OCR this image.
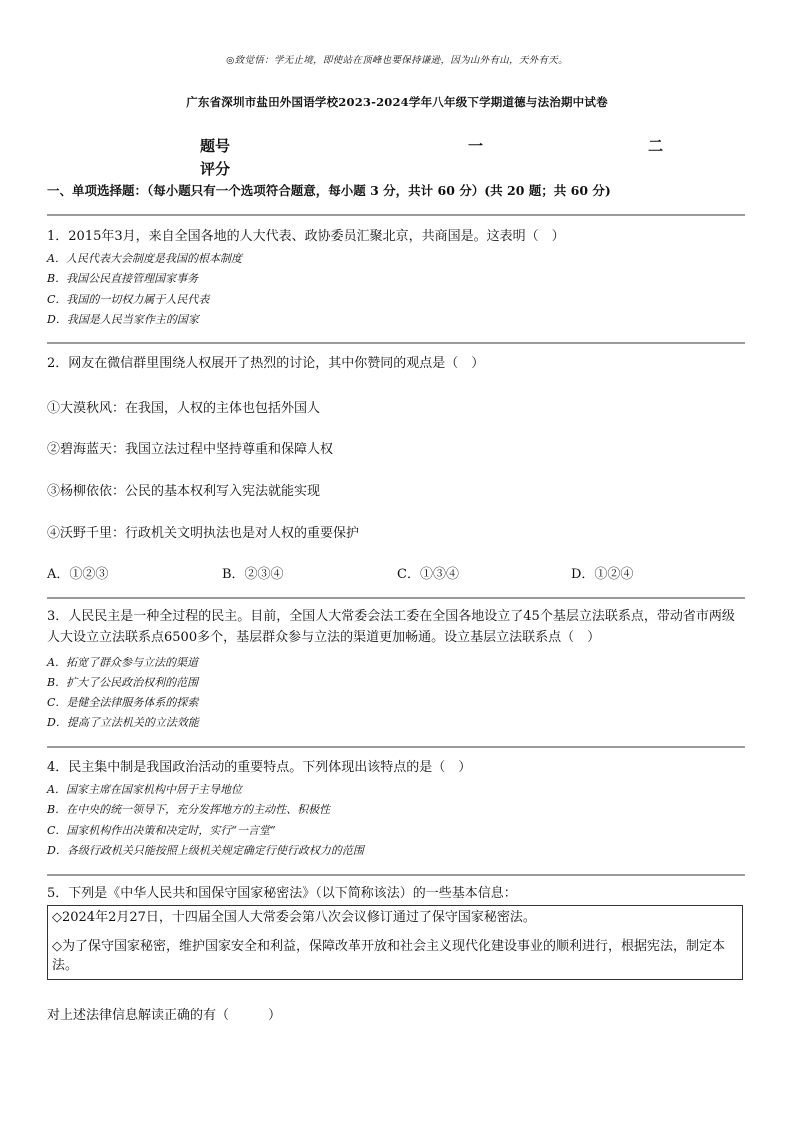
◎致觉悟：学无止境，即使站在顶峰也要保持谦逊，因为山外有山，天外有天。
广东省深圳市盐田外国语学校2023-2024学年八年级下学期道德与法治期中试卷
题号	一	二
评分
一、单项选择题：（每小题只有一个选项符合题意，每小题 3 分，共计 60 分）(共 20 题；共 60 分)
1．2015年3月，来自全国各地的人大代表、政协委员汇聚北京，共商国是。这表明（　）
A．人民代表大会制度是我国的根本制度
B．我国公民直接管理国家事务
C．我国的一切权力属于人民代表
D．我国是人民当家作主的国家
2．网友在微信群里围绕人权展开了热烈的讨论，其中你赞同的观点是（　）
①大漠秋风：在我国，人权的主体也包括外国人
②碧海蓝天：我国立法过程中坚持尊重和保障人权
③杨柳依依：公民的基本权利写入宪法就能实现
④沃野千里：行政机关文明执法也是对人权的重要保护
A．①②③	B．②③④	C．①③④	D．①②④
3．人民民主是一种全过程的民主。目前，全国人大常委会法工委在全国各地设立了45个基层立法联系点，带动省市两级人大设立立法联系点6500多个，基层群众参与立法的渠道更加畅通。设立基层立法联系点（　）
A．拓宽了群众参与立法的渠道
B．扩大了公民政治权利的范围
C．是健全法律服务体系的探索
D．提高了立法机关的立法效能
4．民主集中制是我国政治活动的重要特点。下列体现出该特点的是（　）
A．国家主席在国家机构中居于主导地位
B．在中央的统一领导下，充分发挥地方的主动性、积极性
C．国家机构作出决策和决定时，实行“一言堂”
D．各级行政机关只能按照上级机关规定确定行使行政权力的范围
5．下列是《中华人民共和国保守国家秘密法》（以下简称该法）的一些基本信息：

◇2024年2月27日，十四届全国人大常委会第八次会议修订通过了保守国家秘密法。

◇为了保守国家秘密，维护国家安全和利益，保障改革开放和社会主义现代化建设事业的顺利进行，根据宪法，制定本法。

对上述法律信息解读正确的有（　　　）
